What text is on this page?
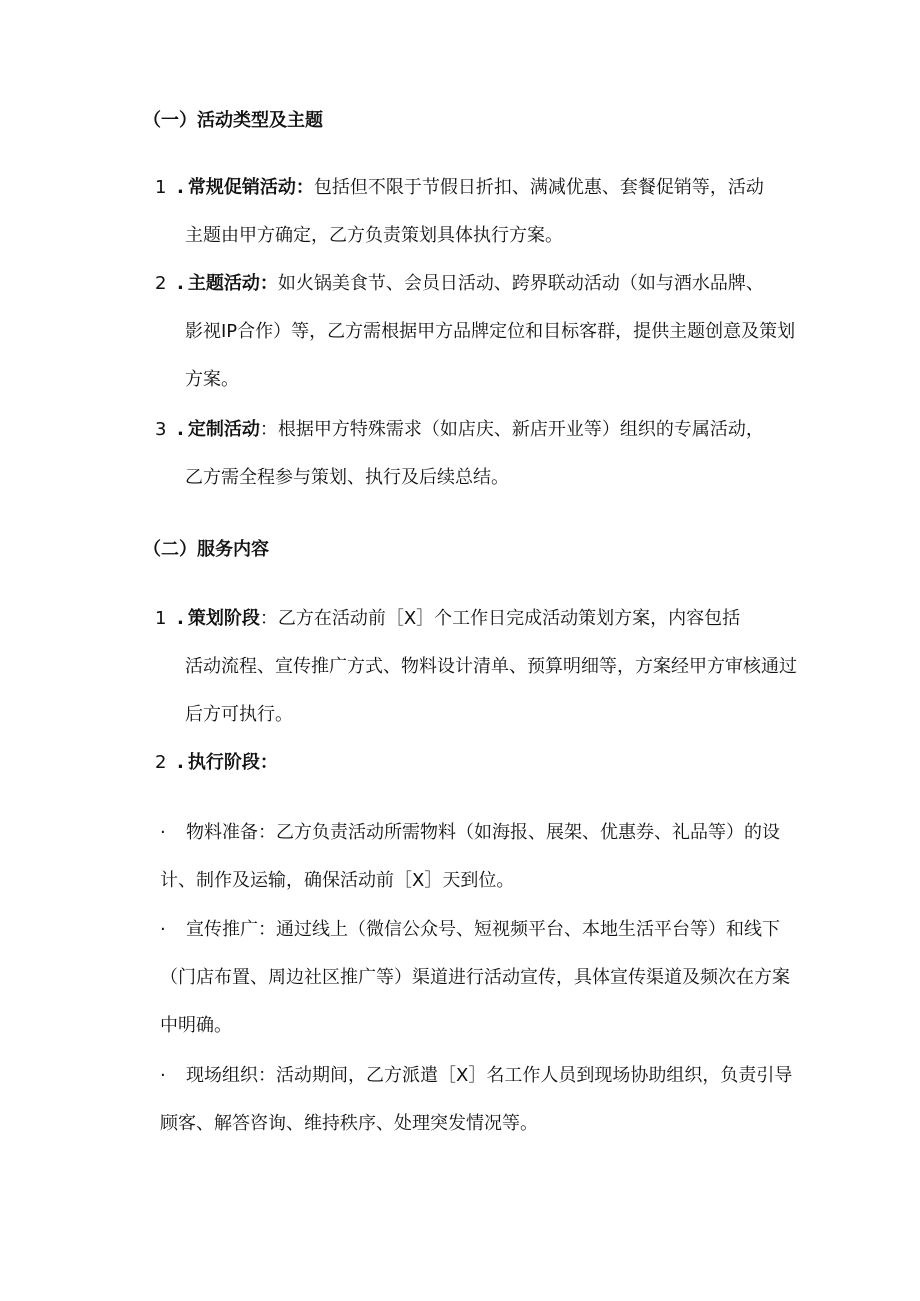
（一）活动类型及主题
1 . 常规促销活动：包括但不限于节假日折扣、满减优惠、套餐促销等，活动
主题由甲方确定，乙方负责策划具体执行方案。
2 . 主题活动：如火锅美食节、会员日活动、跨界联动活动（如与酒水品牌、
影视IP合作）等，乙方需根据甲方品牌定位和目标客群，提供主题创意及策划方案。
3 . 定制活动：根据甲方特殊需求（如店庆、新店开业等）组织的专属活动，
乙方需全程参与策划、执行及后续总结。
（二）服务内容
1 . 策划阶段：乙方在活动前［X］个工作日完成活动策划方案，内容包括
活动流程、宣传推广方式、物料设计清单、预算明细等，方案经甲方审核通过后方可执行。
2 . 执行阶段：
· 物料准备：乙方负责活动所需物料（如海报、展架、优惠券、礼品等）的设计、制作及运输，确保活动前［X］天到位。
· 宣传推广：通过线上（微信公众号、短视频平台、本地生活平台等）和线下（门店布置、周边社区推广等）渠道进行活动宣传，具体宣传渠道及频次在方案中明确。
· 现场组织：活动期间，乙方派遣［X］名工作人员到现场协助组织，负责引导顾客、解答咨询、维持秩序、处理突发情况等。
